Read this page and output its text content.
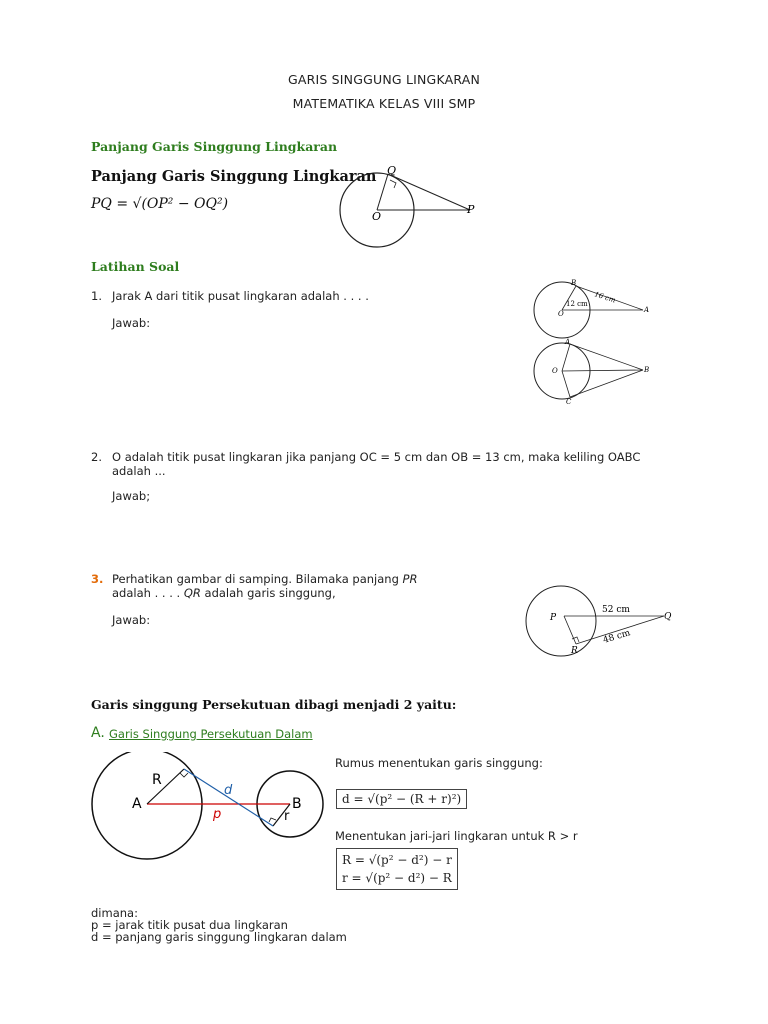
GARIS SINGGUNG LINGKARAN
MATEMATIKA KELAS VIII SMP
Panjang Garis Singgung Lingkaran
Panjang Garis Singgung Lingkaran
PQ = √(OP² − OQ²)
Q
O
P
Latihan Soal
1. Jarak A dari titik pusat lingkaran adalah . . . .
Jawab:
B
16 cm
12 cm
O	A
A
O	B
C
2. O adalah titik pusat lingkaran jika panjang OC = 5 cm dan OB = 13 cm, maka keliling OABC adalah ...
Jawab;
3. Perhatikan gambar di samping. Bilamaka panjang PR
adalah . . . . QR adalah garis singgung,
Jawab:	P	Q
R
52 cm
48 cm
Garis singgung Persekutuan dibagi menjadi 2 yaitu:
A. Garis Singgung Persekutuan Dalam
R
A
p
d
B
r
Rumus menentukan garis singgung:
d = √(p² − (R + r)²)
Menentukan jari-jari lingkaran untuk R > r
R = √(p² − d²) − r
r = √(p² − d²) − R
dimana:
p = jarak titik pusat dua lingkaran
d = panjang garis singgung lingkaran dalam
